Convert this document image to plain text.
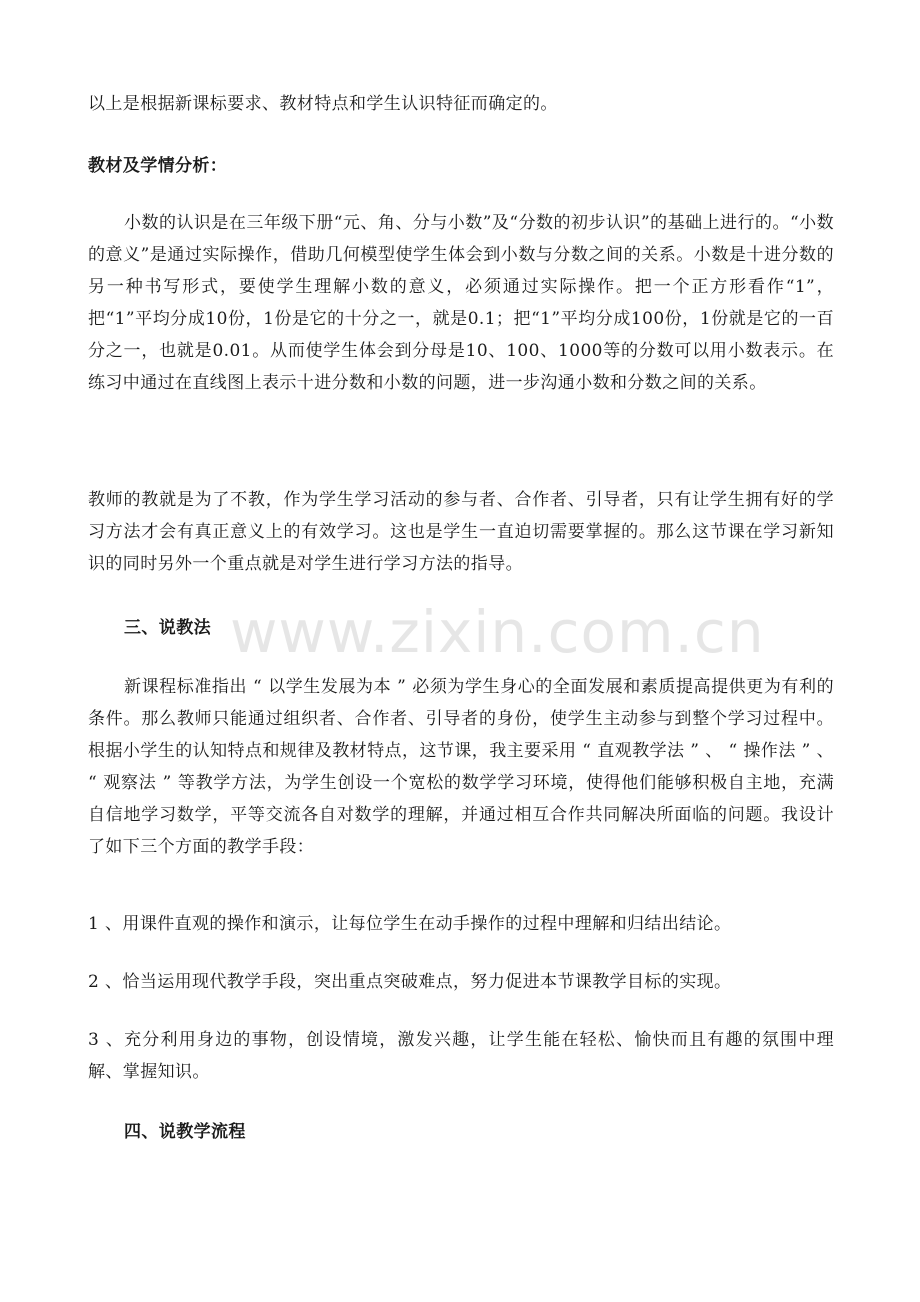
以上是根据新课标要求、教材特点和学生认识特征而确定的。

教材及学情分析：

小数的认识是在三年级下册“元、角、分与小数”及“分数的初步认识”的基础上进行的。“小数的意义”是通过实际操作，借助几何模型使学生体会到小数与分数之间的关系。小数是十进分数的另一种书写形式，要使学生理解小数的意义，必须通过实际操作。把一个正方形看作“1”，把“1”平均分成10份，1份是它的十分之一，就是0.1；把“1”平均分成100份，1份就是它的一百分之一，也就是0.01。从而使学生体会到分母是10、100、1000等的分数可以用小数表示。在练习中通过在直线图上表示十进分数和小数的问题，进一步沟通小数和分数之间的关系。

教师的教就是为了不教，作为学生学习活动的参与者、合作者、引导者，只有让学生拥有好的学习方法才会有真正意义上的有效学习。这也是学生一直迫切需要掌握的。那么这节课在学习新知识的同时另外一个重点就是对学生进行学习方法的指导。

三、说教法

新课程标准指出 “ 以学生发展为本 ” 必须为学生身心的全面发展和素质提高提供更为有利的条件。那么教师只能通过组织者、合作者、引导者的身份，使学生主动参与到整个学习过程中。根据小学生的认知特点和规律及教材特点，这节课，我主要采用 “ 直观教学法 ” 、 “ 操作法 ” 、 “ 观察法 ” 等教学方法，为学生创设一个宽松的数学学习环境，使得他们能够积极自主地，充满自信地学习数学，平等交流各自对数学的理解，并通过相互合作共同解决所面临的问题。我设计了如下三个方面的教学手段：

1 、用课件直观的操作和演示，让每位学生在动手操作的过程中理解和归结出结论。

2 、恰当运用现代教学手段，突出重点突破难点，努力促进本节课教学目标的实现。

3 、充分利用身边的事物，创设情境，激发兴趣，让学生能在轻松、愉快而且有趣的氛围中理解、掌握知识。

四、说教学流程

www.zixin.com.cn
